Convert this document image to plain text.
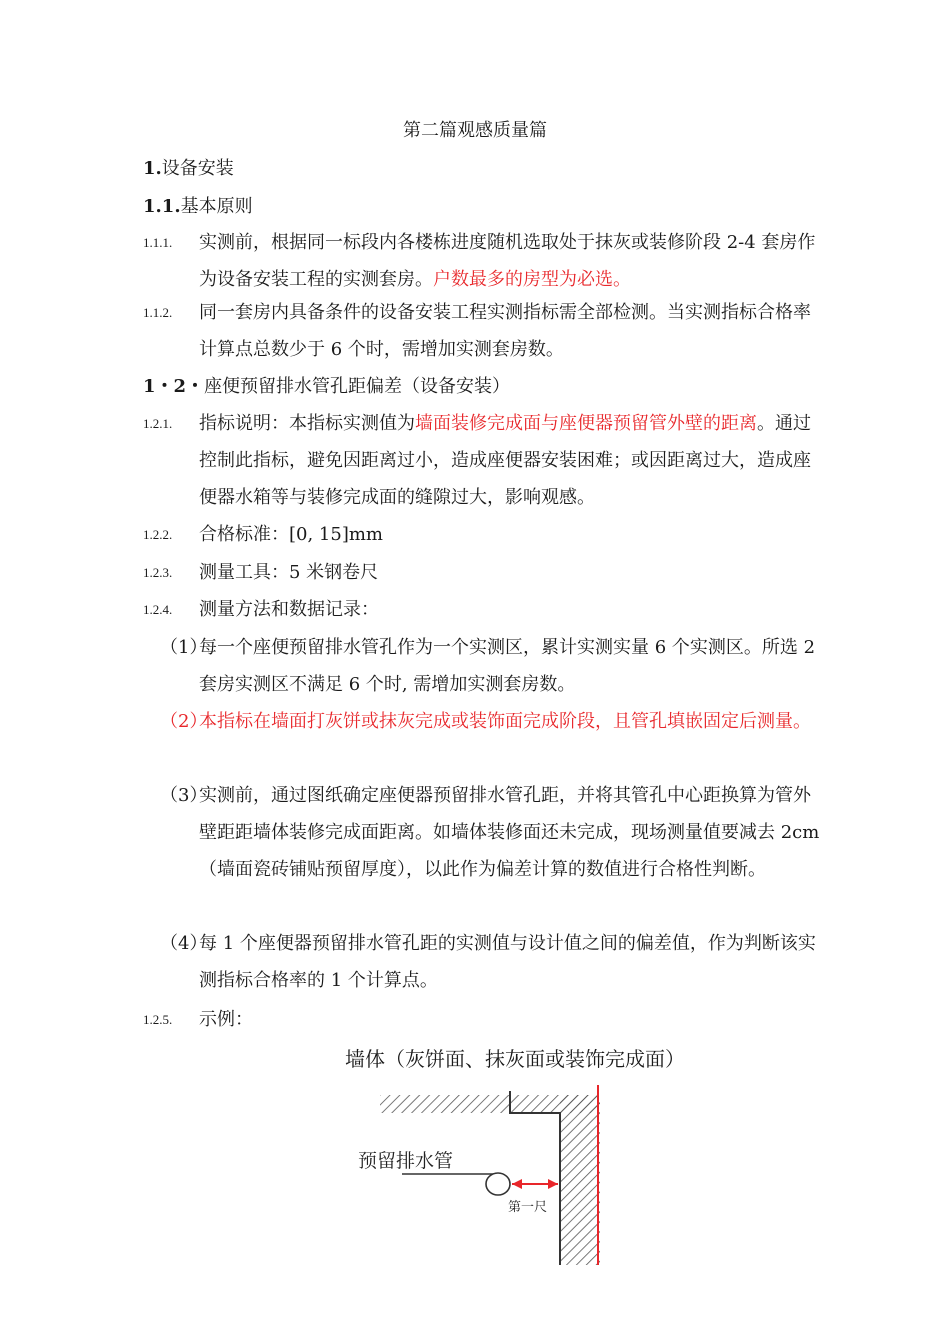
第二篇观感质量篇
1.设备安装
1.1.基本原则
1.1.1. 实测前，根据同一标段内各楼栋进度随机选取处于抹灰或装修阶段 2-4 套房作为设备安装工程的实测套房。户数最多的房型为必选。
1.1.2. 同一套房内具备条件的设备安装工程实测指标需全部检测。当实测指标合格率计算点总数少于 6 个时，需增加实测套房数。
1・2・座便预留排水管孔距偏差（设备安装）
1.2.1. 指标说明：本指标实测值为墙面装修完成面与座便器预留管外壁的距离。通过控制此指标，避免因距离过小，造成座便器安装困难；或因距离过大，造成座便器水箱等与装修完成面的缝隙过大，影响观感。
1.2.2. 合格标准：[0, 15]mm
1.2.3. 测量工具：5 米钢卷尺
1.2.4. 测量方法和数据记录：
（1）
每一个座便预留排水管孔作为一个实测区，累计实测实量 6 个实测区。所选 2 套房实测区不满足 6 个时, 需增加实测套房数。
（2）
本指标在墙面打灰饼或抹灰完成或装饰面完成阶段，且管孔填嵌固定后测量。
（3）
实测前，通过图纸确定座便器预留排水管孔距，并将其管孔中心距换算为管外壁距距墙体装修完成面距离。如墙体装修面还未完成，现场测量值要减去 2cm（墙面瓷砖铺贴预留厚度），以此作为偏差计算的数值进行合格性判断。
（4）
每 1 个座便器预留排水管孔距的实测值与设计值之间的偏差值，作为判断该实测指标合格率的 1 个计算点。
1.2.5. 示例：
墙体（灰饼面、抹灰面或装饰完成面）
预留排水管
第一尺
